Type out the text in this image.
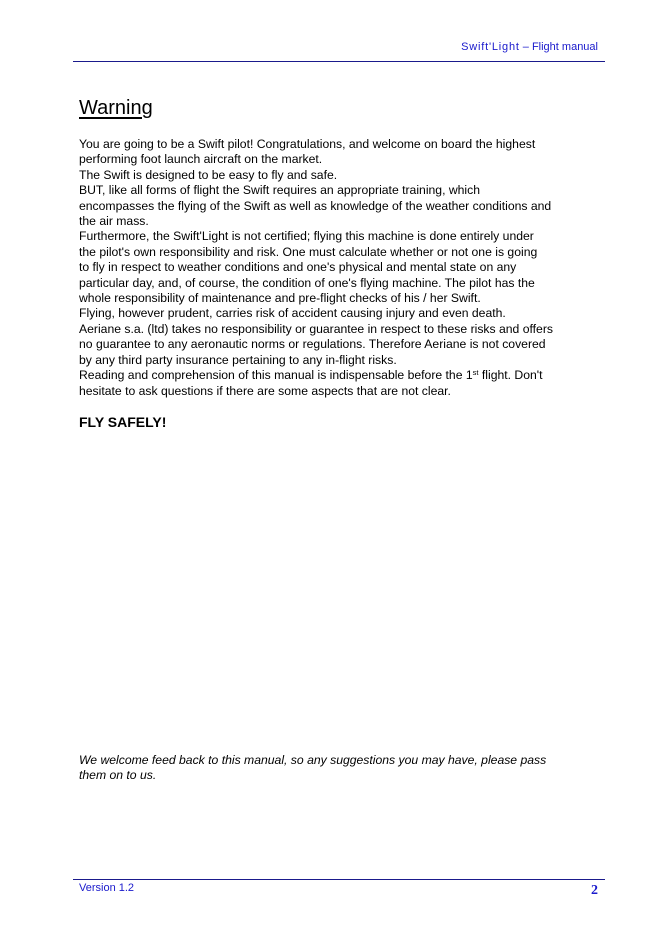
Swift'Light – Flight manual
Warning
You are going to be a Swift pilot! Congratulations, and welcome on board the highest
performing foot launch aircraft on the market.
The Swift is designed to be easy to fly and safe.
BUT, like all forms of flight the Swift requires an appropriate training, which
encompasses the flying of the Swift as well as knowledge of the weather conditions and
the air mass.
Furthermore, the Swift'Light is not certified; flying this machine is done entirely under
the pilot's own responsibility and risk. One must calculate whether or not one is going
to fly in respect to weather conditions and one's physical and mental state on any
particular day, and, of course, the condition of one's flying machine. The pilot has the
whole responsibility of maintenance and pre-flight checks of his / her Swift.
Flying, however prudent, carries risk of accident causing injury and even death.
Aeriane s.a. (ltd) takes no responsibility or guarantee in respect to these risks and offers
no guarantee to any aeronautic norms or regulations. Therefore Aeriane is not covered
by any third party insurance pertaining to any in-flight risks.
Reading and comprehension of this manual is indispensable before the 1st flight. Don't
hesitate to ask questions if there are some aspects that are not clear.
FLY SAFELY!
We welcome feed back to this manual, so any suggestions you may have, please pass
them on to us.
Version 1.2	2
